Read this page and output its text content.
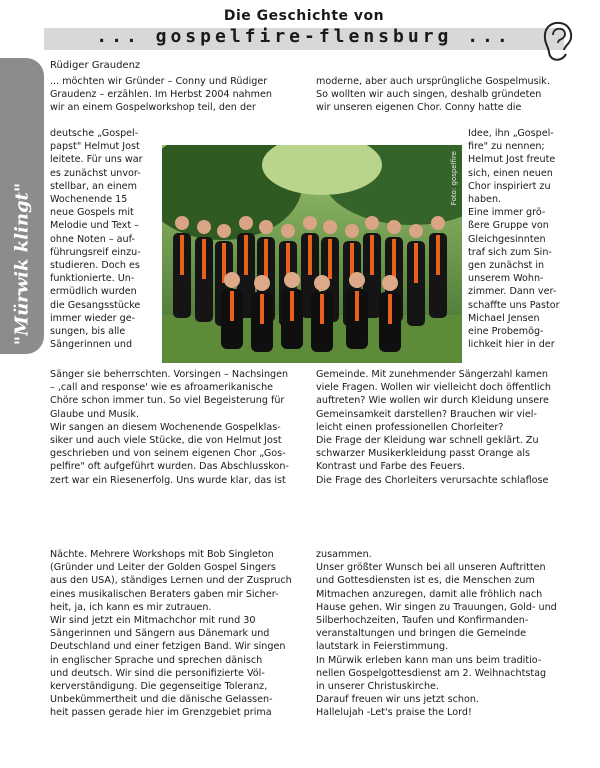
Die Geschichte von
... gospelfire-flensburg ...
"Mürwik klingt"
Rüdiger Graudenz

... möchten wir Gründer – Conny und Rüdiger

Graudenz – erzählen. Im Herbst 2004 nahmen

wir an einem Gospelworkshop teil, den der

deutsche „Gospel-

papst" Helmut Jost

leitete. Für uns war

es zunächst unvor-

stellbar, an einem

Wochenende 15

neue Gospels mit

Melodie und Text –

ohne Noten – auf-

führungsreif einzu-

studieren. Doch es

funktionierte. Un-

ermüdlich wurden

die Gesangsstücke

immer wieder ge-

sungen, bis alle

Sängerinnen und

Sänger sie beherrschten. Vorsingen – Nachsingen

– ‚call and response' wie es afroamerikanische

Chöre schon immer tun. So viel Begeisterung für

Glaube und Musik.

Wir sangen an diesem Wochenende Gospelklas-

siker und auch viele Stücke, die von Helmut Jost

geschrieben und von seinem eigenen Chor „Gos-

pelfire" oft aufgeführt wurden. Das Abschlusskon-

zert war ein Riesenerfolg. Uns wurde klar, das ist

moderne, aber auch ursprüngliche Gospelmusik.

So wollten wir auch singen, deshalb gründeten

wir unseren eigenen Chor. Conny hatte die

Idee, ihn „Gospel-

fire" zu nennen;

Helmut Jost freute

sich, einen neuen

Chor inspiriert zu

haben.

Eine immer grö-

ßere Gruppe von

Gleichgesinnten

traf sich zum Sin-

gen zunächst in

unserem Wohn-

zimmer. Dann ver-

schaffte uns Pastor

Michael Jensen

eine Probemög-

lichkeit hier in der

Gemeinde. Mit zunehmender Sängerzahl kamen

viele Fragen. Wollen wir vielleicht doch öffentlich

auftreten? Wie wollen wir durch Kleidung unsere

Gemeinsamkeit darstellen? Brauchen wir viel-

leicht einen professionellen Chorleiter?

Die Frage der Kleidung war schnell geklärt. Zu

schwarzer Musikerkleidung passt Orange als

Kontrast und Farbe des Feuers.

Die Frage des Chorleiters verursachte schlaflose

Nächte. Mehrere Workshops mit Bob Singleton

(Gründer und Leiter der Golden Gospel Singers

aus den USA), ständiges Lernen und der Zuspruch

eines musikalischen Beraters gaben mir Sicher-

heit, ja, ich kann es mir zutrauen.

Wir sind jetzt ein Mitmachchor mit rund 30

Sängerinnen und Sängern aus Dänemark und

Deutschland und einer fetzigen Band. Wir singen

in englischer Sprache und sprechen dänisch

und deutsch. Wir sind die personifizierte Völ-

kerverständigung. Die gegenseitige Toleranz,

Unbekümmertheit und die dänische Gelassen-

heit passen gerade hier im Grenzgebiet prima

zusammen.

Unser größter Wunsch bei all unseren Auftritten

und Gottesdiensten ist es, die Menschen zum

Mitmachen anzuregen, damit alle fröhlich nach

Hause gehen. Wir singen zu Trauungen, Gold- und

Silberhochzeiten, Taufen und Konfirmanden-

veranstaltungen und bringen die Gemeinde

lautstark in Feierstimmung.

In Mürwik erleben kann man uns beim traditio-

nellen Gospelgottesdienst am 2. Weihnachtstag

in unserer Christuskirche.

Darauf freuen wir uns jetzt schon.

Hallelujah -Let's praise the Lord!

Foto: gospelfire
